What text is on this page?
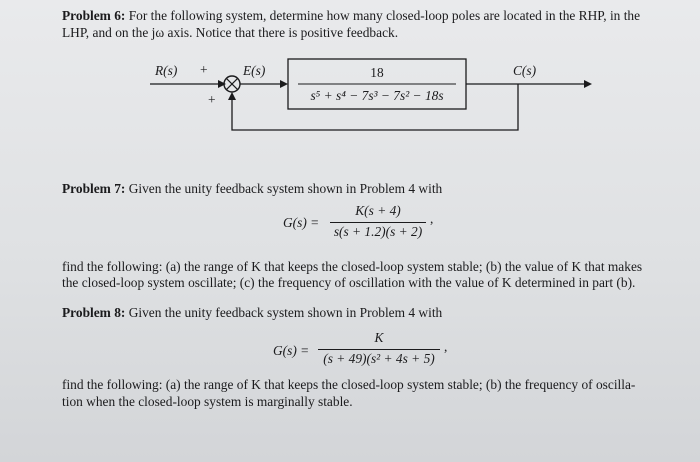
Problem 6: For the following system, determine how many closed-loop poles are located in the RHP, in the
LHP, and on the jω axis. Notice that there is positive feedback.
R(s) +
+
E(s)	18
s⁵ + s⁴ − 7s³ − 7s² − 18s
C(s)
Problem 7: Given the unity feedback system shown in Problem 4 with
G(s) =
K(s + 4)
s(s + 1.2)(s + 2)
,
find the following: (a) the range of K that keeps the closed-loop system stable; (b) the value of K that makes
the closed-loop system oscillate; (c) the frequency of oscillation with the value of K determined in part (b).
Problem 8: Given the unity feedback system shown in Problem 4 with
G(s) =
K
(s + 49)(s² + 4s + 5)
,
find the following: (a) the range of K that keeps the closed-loop system stable; (b) the frequency of oscilla-
tion when the closed-loop system is marginally stable.
